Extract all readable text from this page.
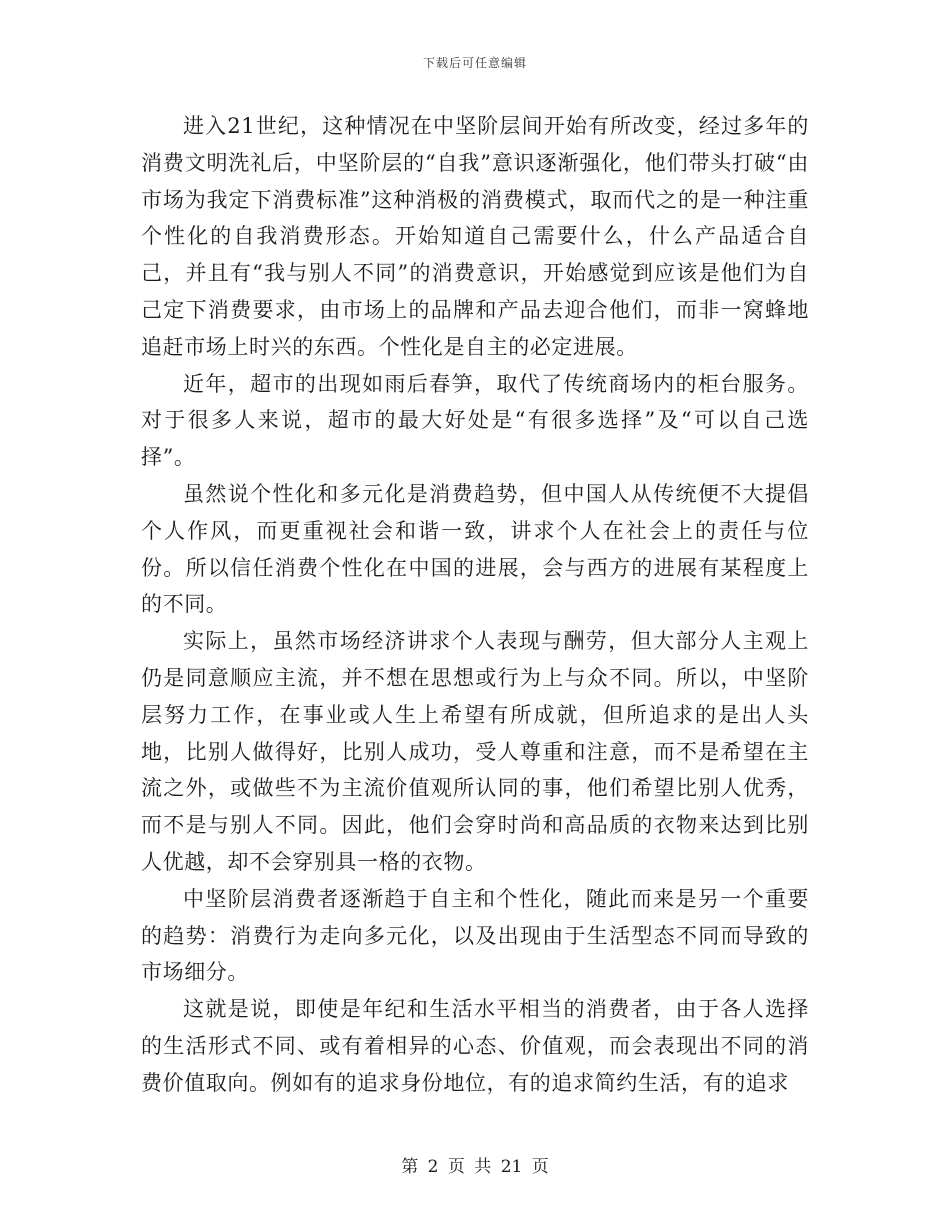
下载后可任意编辑

进入21世纪，这种情况在中坚阶层间开始有所改变，经过多年的消费文明洗礼后，中坚阶层的“自我”意识逐渐强化，他们带头打破“由市场为我定下消费标准”这种消极的消费模式，取而代之的是一种注重个性化的自我消费形态。开始知道自己需要什么，什么产品适合自己，并且有“我与别人不同”的消费意识，开始感觉到应该是他们为自己定下消费要求，由市场上的品牌和产品去迎合他们，而非一窝蜂地追赶市场上时兴的东西。个性化是自主的必定进展。

近年，超市的出现如雨后春笋，取代了传统商场内的柜台服务。对于很多人来说，超市的最大好处是“有很多选择”及“可以自己选择”。

虽然说个性化和多元化是消费趋势，但中国人从传统便不大提倡个人作风，而更重视社会和谐一致，讲求个人在社会上的责任与位份。所以信任消费个性化在中国的进展，会与西方的进展有某程度上的不同。

实际上，虽然市场经济讲求个人表现与酬劳，但大部分人主观上仍是同意顺应主流，并不想在思想或行为上与众不同。所以，中坚阶层努力工作，在事业或人生上希望有所成就，但所追求的是出人头地，比别人做得好，比别人成功，受人尊重和注意，而不是希望在主流之外，或做些不为主流价值观所认同的事，他们希望比别人优秀，而不是与别人不同。因此，他们会穿时尚和高品质的衣物来达到比别人优越，却不会穿别具一格的衣物。

中坚阶层消费者逐渐趋于自主和个性化，随此而来是另一个重要的趋势：消费行为走向多元化，以及出现由于生活型态不同而导致的市场细分。

这就是说，即使是年纪和生活水平相当的消费者，由于各人选择的生活形式不同、或有着相异的心态、价值观，而会表现出不同的消费价值取向。例如有的追求身份地位，有的追求简约生活，有的追求

第 2 页 共 21 页
